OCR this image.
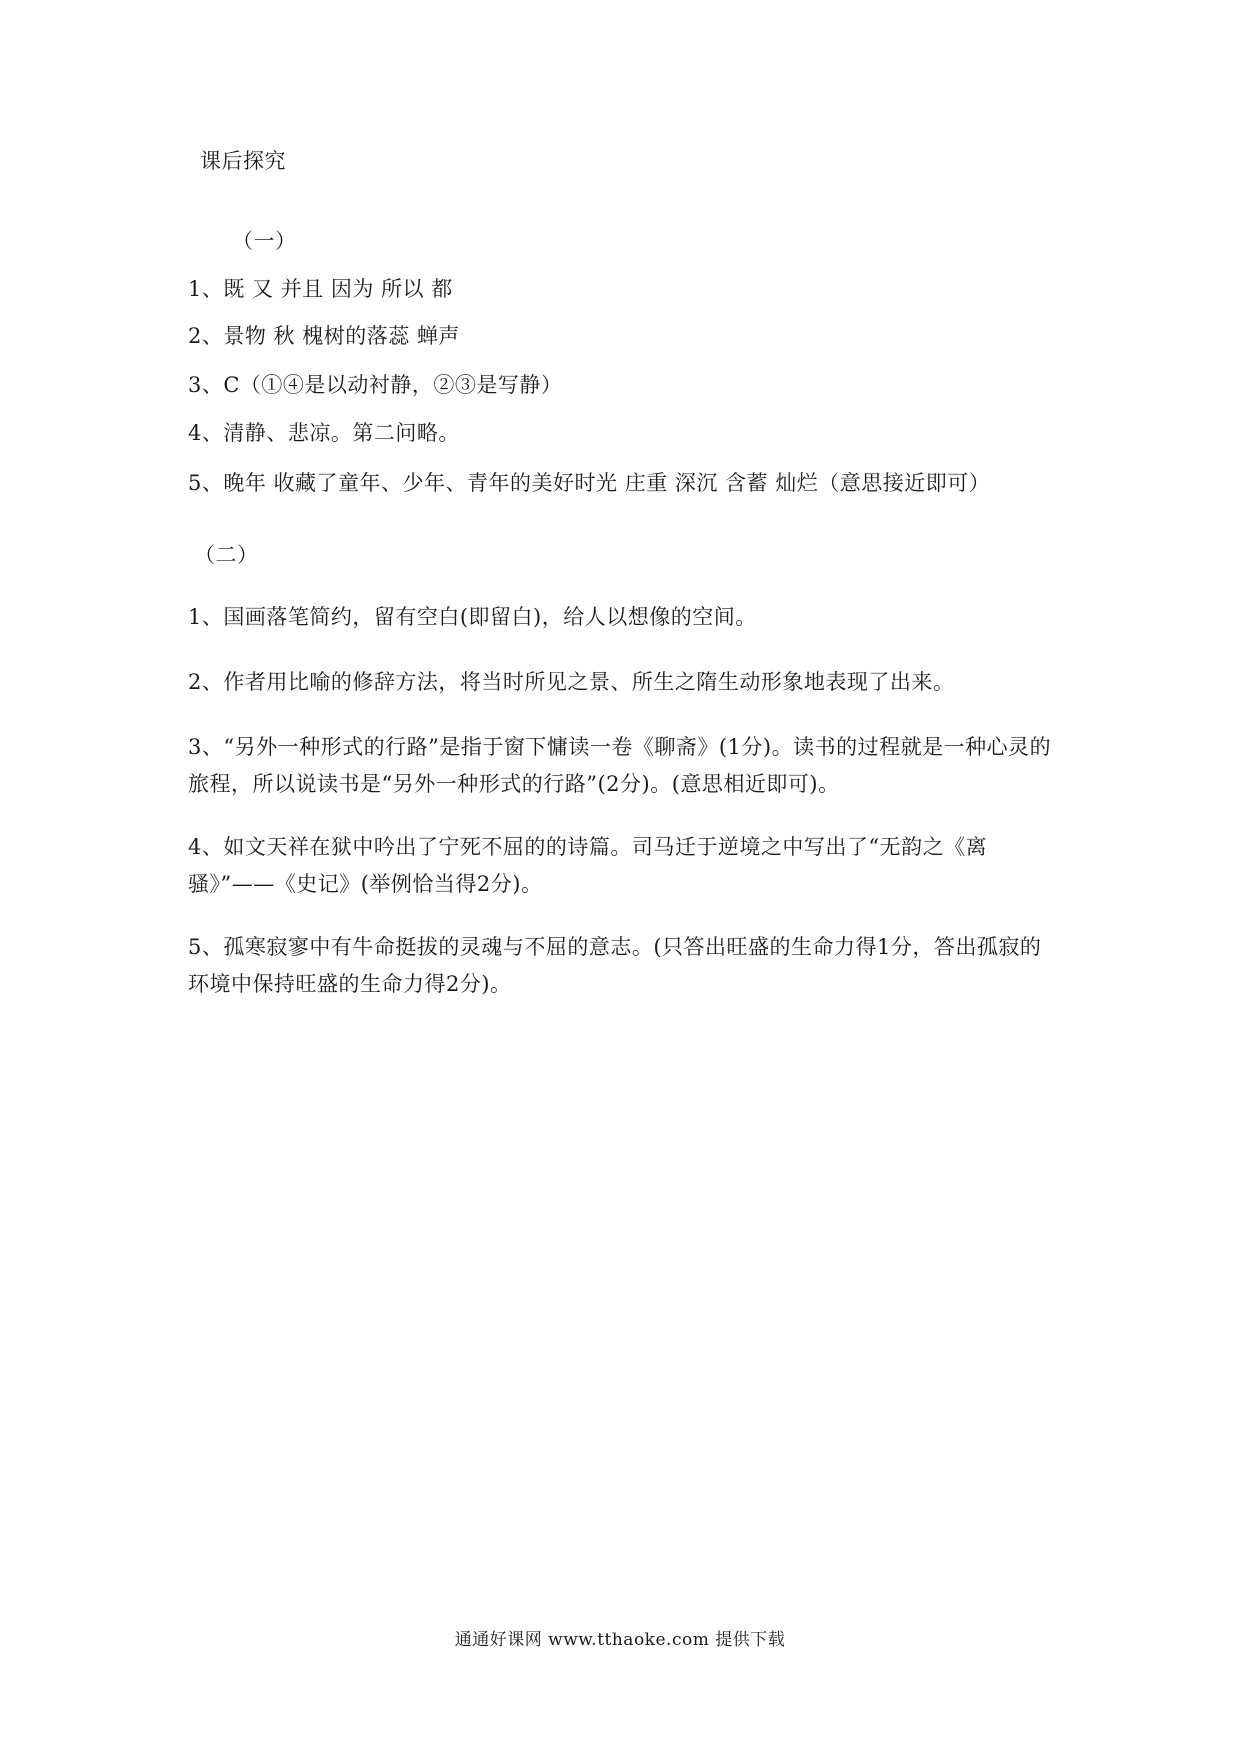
课后探究
（一）
1、既 又 并且 因为 所以 都
2、景物 秋 槐树的落蕊 蝉声
3、C（①④是以动衬静，②③是写静）
4、清静、悲凉。第二问略。
5、晚年 收藏了童年、少年、青年的美好时光 庄重 深沉 含蓄 灿烂（意思接近即可）
（二）
1、国画落笔简约，留有空白(即留白)，给人以想像的空间。
2、作者用比喻的修辞方法，将当时所见之景、所生之隋生动形象地表现了出来。
3、“另外一种形式的行路”是指于窗下慵读一卷《聊斋》(1分)。读书的过程就是一种心灵的旅程，所以说读书是“另外一种形式的行路”(2分)。(意思相近即可)。
4、如文天祥在狱中吟出了宁死不屈的的诗篇。司马迁于逆境之中写出了“无韵之《离骚》”——《史记》(举例恰当得2分)。
5、孤寒寂寥中有牛命挺拔的灵魂与不屈的意志。(只答出旺盛的生命力得1分，答出孤寂的环境中保持旺盛的生命力得2分)。
通通好课网 www.tthaoke.com 提供下载
